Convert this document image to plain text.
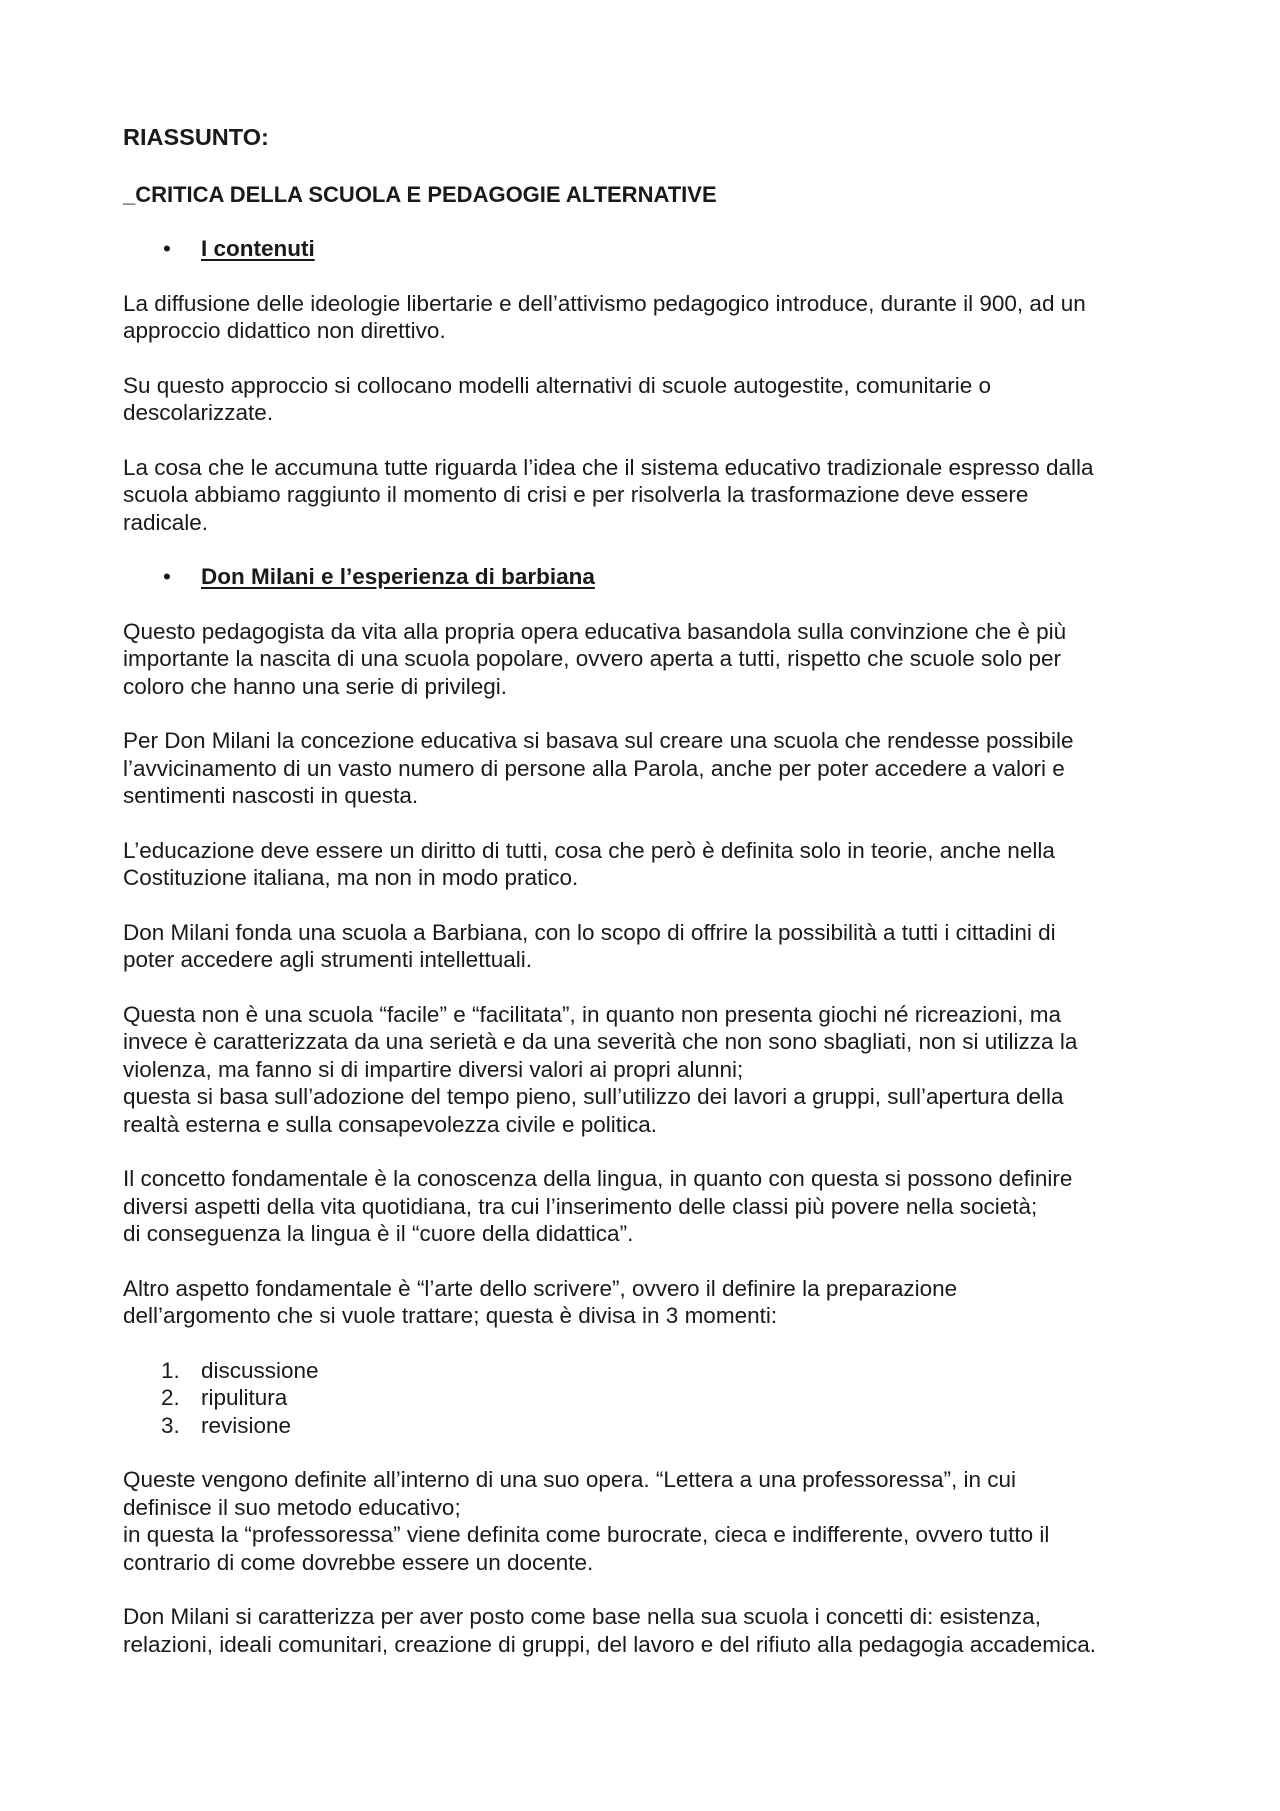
RIASSUNTO:
_CRITICA DELLA SCUOLA E PEDAGOGIE ALTERNATIVE
• I contenuti

La diffusione delle ideologie libertarie e dell’attivismo pedagogico introduce, durante il 900, ad un
approccio didattico non direttivo.

Su questo approccio si collocano modelli alternativi di scuole autogestite, comunitarie o
descolarizzate.

La cosa che le accumuna tutte riguarda l’idea che il sistema educativo tradizionale espresso dalla
scuola abbiamo raggiunto il momento di crisi e per risolverla la trasformazione deve essere
radicale.

• Don Milani e l’esperienza di barbiana

Questo pedagogista da vita alla propria opera educativa basandola sulla convinzione che è più
importante la nascita di una scuola popolare, ovvero aperta a tutti, rispetto che scuole solo per
coloro che hanno una serie di privilegi.

Per Don Milani la concezione educativa si basava sul creare una scuola che rendesse possibile
l’avvicinamento di un vasto numero di persone alla Parola, anche per poter accedere a valori e
sentimenti nascosti in questa.

L’educazione deve essere un diritto di tutti, cosa che però è definita solo in teorie, anche nella
Costituzione italiana, ma non in modo pratico.

Don Milani fonda una scuola a Barbiana, con lo scopo di offrire la possibilità a tutti i cittadini di
poter accedere agli strumenti intellettuali.

Questa non è una scuola “facile” e “facilitata”, in quanto non presenta giochi né ricreazioni, ma
invece è caratterizzata da una serietà e da una severità che non sono sbagliati, non si utilizza la
violenza, ma fanno si di impartire diversi valori ai propri alunni;
questa si basa sull’adozione del tempo pieno, sull’utilizzo dei lavori a gruppi, sull’apertura della
realtà esterna e sulla consapevolezza civile e politica.

Il concetto fondamentale è la conoscenza della lingua, in quanto con questa si possono definire
diversi aspetti della vita quotidiana, tra cui l’inserimento delle classi più povere nella società;
di conseguenza la lingua è il “cuore della didattica”.

Altro aspetto fondamentale è “l’arte dello scrivere”, ovvero il definire la preparazione
dell’argomento che si vuole trattare; questa è divisa in 3 momenti:

1. discussione
2. ripulitura
3. revisione

Queste vengono definite all’interno di una suo opera. “Lettera a una professoressa”, in cui
definisce il suo metodo educativo;
in questa la “professoressa” viene definita come burocrate, cieca e indifferente, ovvero tutto il
contrario di come dovrebbe essere un docente.

Don Milani si caratterizza per aver posto come base nella sua scuola i concetti di: esistenza,
relazioni, ideali comunitari, creazione di gruppi, del lavoro e del rifiuto alla pedagogia accademica.
